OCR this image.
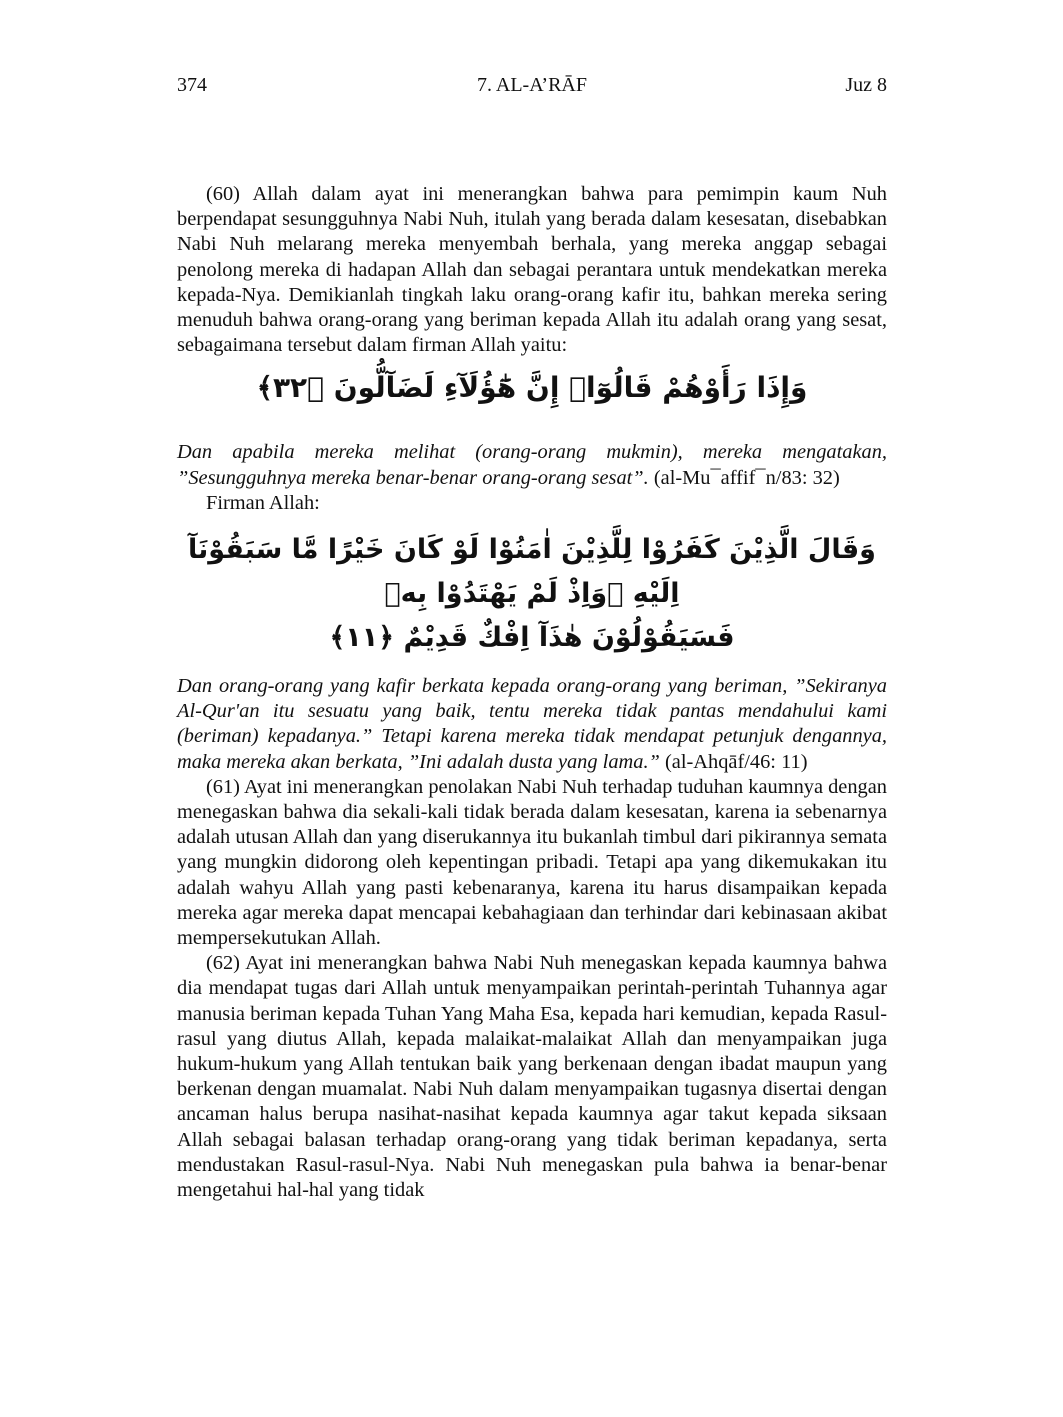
374	7. AL-A’RĀF	Juz 8

(60) Allah dalam ayat ini menerangkan bahwa para pemimpin kaum Nuh berpendapat sesungguhnya Nabi Nuh, itulah yang berada dalam kesesatan, disebabkan Nabi Nuh melarang mereka menyembah berhala, yang mereka anggap sebagai penolong mereka di hadapan Allah dan sebagai perantara untuk mendekatkan mereka kepada-Nya. Demikianlah tingkah laku orang-orang kafir itu, bahkan mereka sering menuduh bahwa orang-orang yang beriman kepada Allah itu adalah orang yang sesat, sebagaimana tersebut dalam firman Allah yaitu:

وَإِذَا رَأَوْهُمْ قَالُوٓا۟ إِنَّ هَٰٓؤُلَآءِ لَضَآلُّونَ ﴿٣٢﴾

Dan apabila mereka melihat (orang-orang mukmin), mereka mengatakan, ”Sesungguhnya mereka benar-benar orang-orang sesat”. (al-Mu¯affif¯n/83: 32)

Firman Allah:

وَقَالَ الَّذِيْنَ كَفَرُوْا لِلَّذِيْنَ اٰمَنُوْا لَوْ كَانَ خَيْرًا مَّا سَبَقُوْنَآ اِلَيْهِ ۗوَاِذْ لَمْ يَهْتَدُوْا بِهٖ
فَسَيَقُوْلُوْنَ هٰذَآ اِفْكٌ قَدِيْمٌ ﴿١١﴾

Dan orang-orang yang kafir berkata kepada orang-orang yang beriman, ”Sekiranya Al-Qur'an itu sesuatu yang baik, tentu mereka tidak pantas mendahului kami (beriman) kepadanya.” Tetapi karena mereka tidak mendapat petunjuk dengannya, maka mereka akan berkata, ”Ini adalah dusta yang lama.” (al-Ahqāf/46: 11)

(61) Ayat ini menerangkan penolakan Nabi Nuh terhadap tuduhan kaumnya dengan menegaskan bahwa dia sekali-kali tidak berada dalam kesesatan, karena ia sebenarnya adalah utusan Allah dan yang diserukannya itu bukanlah timbul dari pikirannya semata yang mungkin didorong oleh kepentingan pribadi. Tetapi apa yang dikemukakan itu adalah wahyu Allah yang pasti kebenaranya, karena itu harus disampaikan kepada mereka agar mereka dapat mencapai kebahagiaan dan terhindar dari kebinasaan akibat mempersekutukan Allah.

(62) Ayat ini menerangkan bahwa Nabi Nuh menegaskan kepada kaumnya bahwa dia mendapat tugas dari Allah untuk menyampaikan perintah-perintah Tuhannya agar manusia beriman kepada Tuhan Yang Maha Esa, kepada hari kemudian, kepada Rasul-rasul yang diutus Allah, kepada malaikat-malaikat Allah dan menyampaikan juga hukum-hukum yang Allah tentukan baik yang berkenaan dengan ibadat maupun yang berkenan dengan muamalat. Nabi Nuh dalam menyampaikan tugasnya disertai dengan ancaman halus berupa nasihat-nasihat kepada kaumnya agar takut kepada siksaan Allah sebagai balasan terhadap orang-orang yang tidak beriman kepadanya, serta mendustakan Rasul-rasul-Nya. Nabi Nuh menegaskan pula bahwa ia benar-benar mengetahui hal-hal yang tidak
